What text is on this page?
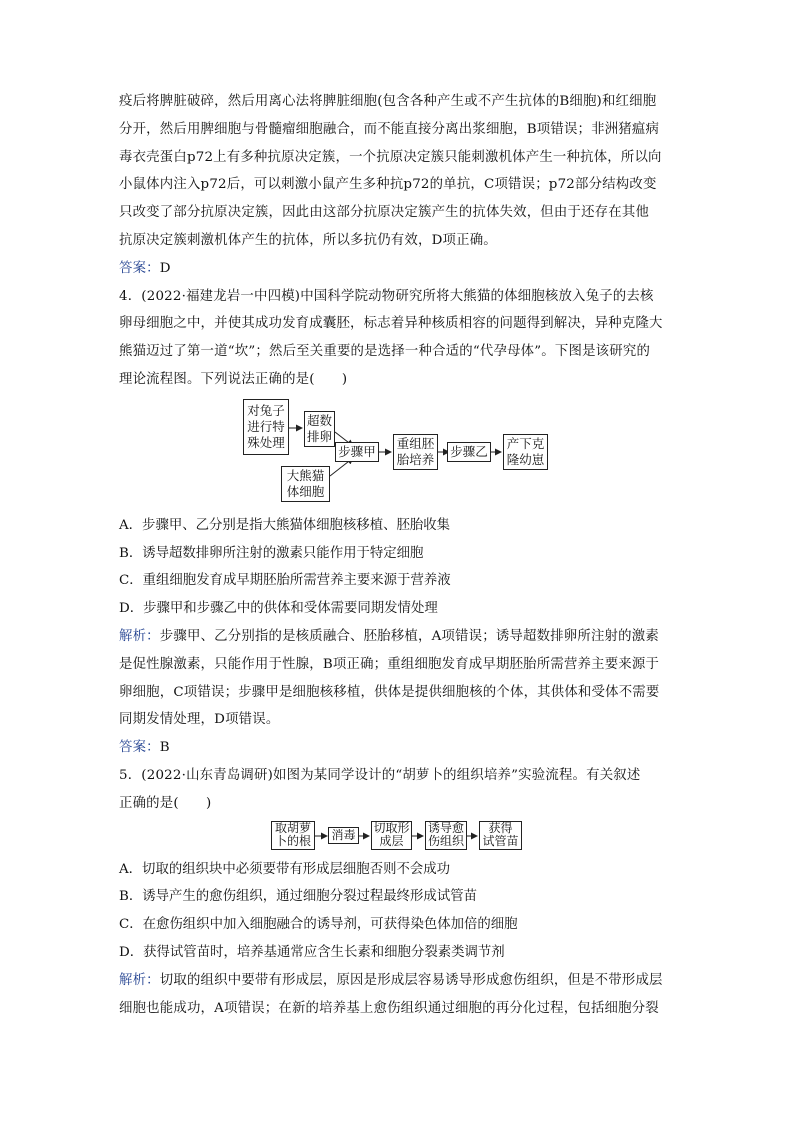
疫后将脾脏破碎，然后用离心法将脾脏细胞(包含各种产生或不产生抗体的B细胞)和红细胞
分开，然后用脾细胞与骨髓瘤细胞融合，而不能直接分离出浆细胞，B项错误；非洲猪瘟病
毒衣壳蛋白p72上有多种抗原决定簇，一个抗原决定簇只能刺激机体产生一种抗体，所以向
小鼠体内注入p72后，可以刺激小鼠产生多种抗p72的单抗，C项错误；p72部分结构改变
只改变了部分抗原决定簇，因此由这部分抗原决定簇产生的抗体失效，但由于还存在其他
抗原决定簇刺激机体产生的抗体，所以多抗仍有效，D项正确。

答案：D

4．(2022·福建龙岩一中四模)中国科学院动物研究所将大熊猫的体细胞核放入兔子的去核
卵母细胞之中，并使其成功发育成囊胚，标志着异种核质相容的问题得到解决，异种克隆大
熊猫迈过了第一道“坎”；然后至关重要的是选择一种合适的“代孕母体”。下图是该研究的
理论流程图。下列说法正确的是(　　)

对兔子
进行特
殊处理
超数
排卵
大熊猫
体细胞
步骤甲
重组胚
胎培养
步骤乙
产下克
隆幼崽

A．步骤甲、乙分别是指大熊猫体细胞核移植、胚胎收集

B．诱导超数排卵所注射的激素只能作用于特定细胞

C．重组细胞发育成早期胚胎所需营养主要来源于营养液

D．步骤甲和步骤乙中的供体和受体需要同期发情处理

解析：步骤甲、乙分别指的是核质融合、胚胎移植，A项错误；诱导超数排卵所注射的激素
是促性腺激素，只能作用于性腺，B项正确；重组细胞发育成早期胚胎所需营养主要来源于
卵细胞，C项错误；步骤甲是细胞核移植，供体是提供细胞核的个体，其供体和受体不需要
同期发情处理，D项错误。

答案：B

5．(2022·山东青岛调研)如图为某同学设计的“胡萝卜的组织培养”实验流程。有关叙述
正确的是(　　)

取胡萝
卜的根	消毒 切取形
成层
诱导愈
伤组织
获得
试管苗

A．切取的组织块中必须要带有形成层细胞否则不会成功

B．诱导产生的愈伤组织，通过细胞分裂过程最终形成试管苗

C．在愈伤组织中加入细胞融合的诱导剂，可获得染色体加倍的细胞

D．获得试管苗时，培养基通常应含生长素和细胞分裂素类调节剂

解析：切取的组织中要带有形成层，原因是形成层容易诱导形成愈伤组织，但是不带形成层
细胞也能成功，A项错误；在新的培养基上愈伤组织通过细胞的再分化过程，包括细胞分裂
